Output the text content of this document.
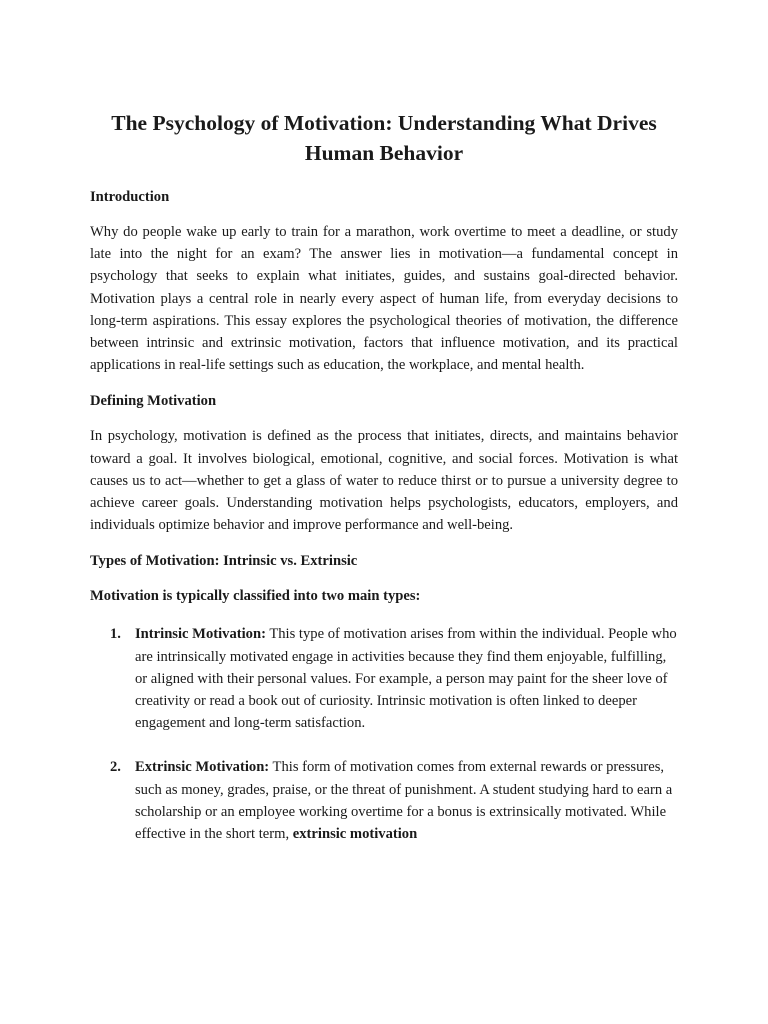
The Psychology of Motivation: Understanding What Drives Human Behavior
Introduction

Why do people wake up early to train for a marathon, work overtime to meet a deadline, or study late into the night for an exam? The answer lies in motivation—a fundamental concept in psychology that seeks to explain what initiates, guides, and sustains goal-directed behavior. Motivation plays a central role in nearly every aspect of human life, from everyday decisions to long-term aspirations. This essay explores the psychological theories of motivation, the difference between intrinsic and extrinsic motivation, factors that influence motivation, and its practical applications in real-life settings such as education, the workplace, and mental health.

Defining Motivation

In psychology, motivation is defined as the process that initiates, directs, and maintains behavior toward a goal. It involves biological, emotional, cognitive, and social forces. Motivation is what causes us to act—whether to get a glass of water to reduce thirst or to pursue a university degree to achieve career goals. Understanding motivation helps psychologists, educators, employers, and individuals optimize behavior and improve performance and well-being.

Types of Motivation: Intrinsic vs. Extrinsic
Motivation is typically classified into two main types:
1. Intrinsic Motivation: This type of motivation arises from within the individual. People who are intrinsically motivated engage in activities because they find them enjoyable, fulfilling, or aligned with their personal values. For example, a person may paint for the sheer love of creativity or read a book out of curiosity. Intrinsic motivation is often linked to deeper engagement and long-term satisfaction.
2. Extrinsic Motivation: This form of motivation comes from external rewards or pressures, such as money, grades, praise, or the threat of punishment. A student studying hard to earn a scholarship or an employee working overtime for a bonus is extrinsically motivated. While effective in the short term, extrinsic motivation
